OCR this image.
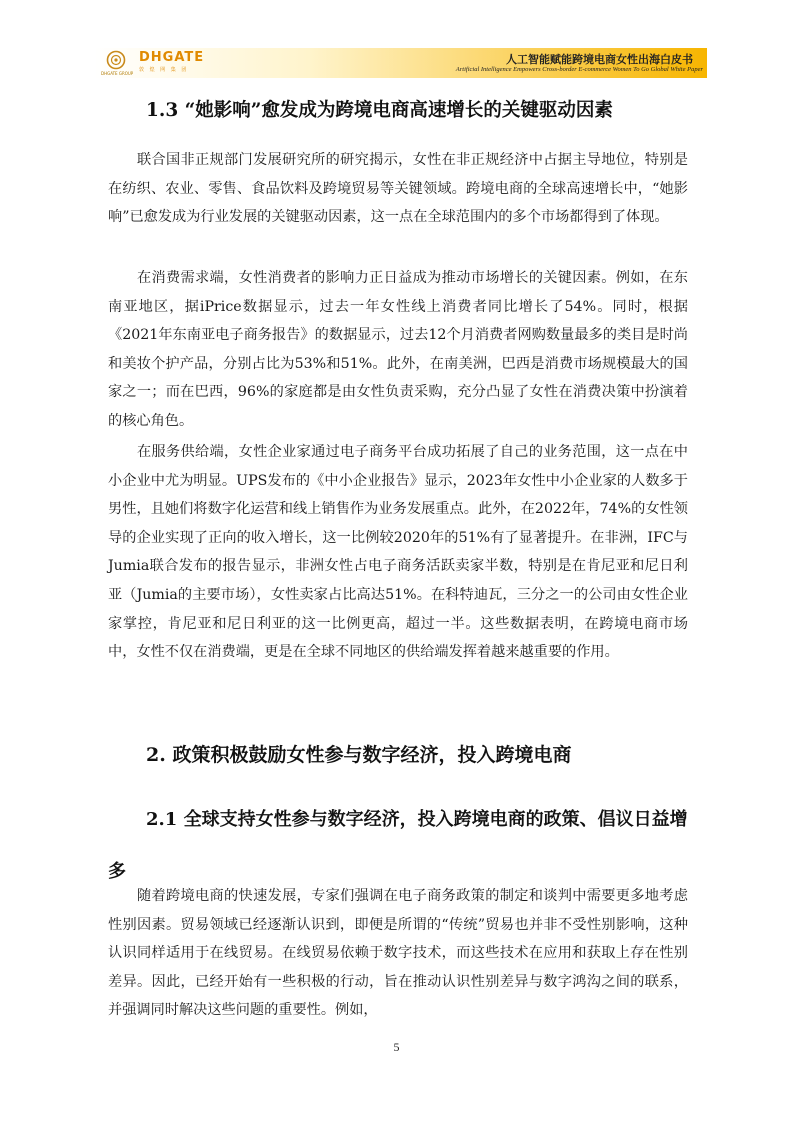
DHGATE
敦 煌 网 集 团
DHGATE GROUP
人工智能赋能跨境电商女性出海白皮书
Artificial Intelligence Empowers Cross-border E-commerce Women To Go Global White Paper
1.3 “她影响”愈发成为跨境电商高速增长的关键驱动因素

联合国非正规部门发展研究所的研究揭示，女性在非正规经济中占据主导地位，特别是在纺织、农业、零售、食品饮料及跨境贸易等关键领域。跨境电商的全球高速增长中，“她影响”已愈发成为行业发展的关键驱动因素，这一点在全球范围内的多个市场都得到了体现。

在消费需求端，女性消费者的影响力正日益成为推动市场增长的关键因素。例如，在东南亚地区，据iPrice数据显示，过去一年女性线上消费者同比增长了54%。同时，根据《2021年东南亚电子商务报告》的数据显示，过去12个月消费者网购数量最多的类目是时尚和美妆个护产品，分别占比为53%和51%。此外，在南美洲，巴西是消费市场规模最大的国家之一；而在巴西，96%的家庭都是由女性负责采购，充分凸显了女性在消费决策中扮演着的核心角色。

在服务供给端，女性企业家通过电子商务平台成功拓展了自己的业务范围，这一点在中小企业中尤为明显。UPS发布的《中小企业报告》显示，2023年女性中小企业家的人数多于男性，且她们将数字化运营和线上销售作为业务发展重点。此外，在2022年，74%的女性领导的企业实现了正向的收入增长，这一比例较2020年的51%有了显著提升。在非洲，IFC与Jumia联合发布的报告显示，非洲女性占电子商务活跃卖家半数，特别是在肯尼亚和尼日利亚（Jumia的主要市场），女性卖家占比高达51%。在科特迪瓦，三分之一的公司由女性企业家掌控，肯尼亚和尼日利亚的这一比例更高，超过一半。这些数据表明，在跨境电商市场中，女性不仅在消费端，更是在全球不同地区的供给端发挥着越来越重要的作用。

2. 政策积极鼓励女性参与数字经济，投入跨境电商

2.1 全球支持女性参与数字经济，投入跨境电商的政策、倡议日益增多

随着跨境电商的快速发展，专家们强调在电子商务政策的制定和谈判中需要更多地考虑性别因素。贸易领域已经逐渐认识到，即便是所谓的“传统”贸易也并非不受性别影响，这种认识同样适用于在线贸易。在线贸易依赖于数字技术，而这些技术在应用和获取上存在性别差异。因此，已经开始有一些积极的行动，旨在推动认识性别差异与数字鸿沟之间的联系，并强调同时解决这些问题的重要性。例如，

5
